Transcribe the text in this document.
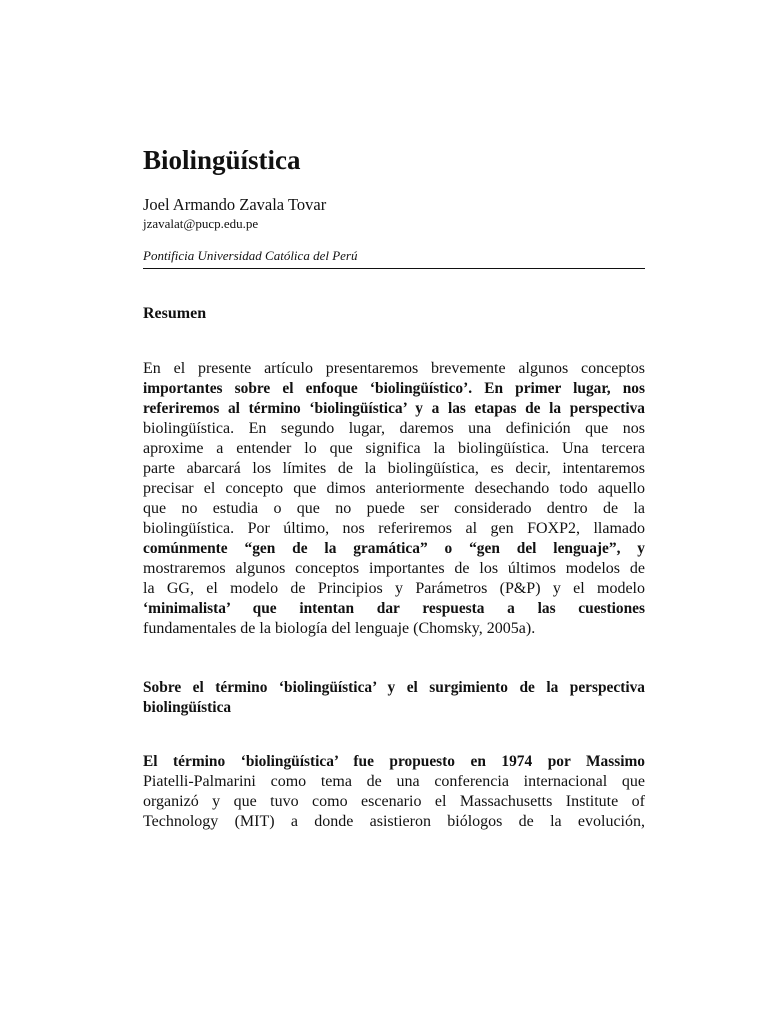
Biolingüística
Joel Armando Zavala Tovar
jzavalat@pucp.edu.pe
Pontificia Universidad Católica del Perú
Resumen

En el presente artículo presentaremos brevemente algunos conceptos
importantes sobre el enfoque ‘biolingüístico’. En primer lugar, nos
referiremos al término ‘biolingüística’ y a las etapas de la perspectiva
biolingüística. En segundo lugar, daremos una definición que nos
aproxime a entender lo que significa la biolingüística. Una tercera
parte abarcará los límites de la biolingüística, es decir, intentaremos
precisar el concepto que dimos anteriormente desechando todo aquello
que no estudia o que no puede ser considerado dentro de la
biolingüística. Por último, nos referiremos al gen FOXP2, llamado
comúnmente “gen de la gramática” o “gen del lenguaje”, y
mostraremos algunos conceptos importantes de los últimos modelos de
la GG, el modelo de Principios y Parámetros (P&P) y el modelo
‘minimalista’ que intentan dar respuesta a las cuestiones
fundamentales de la biología del lenguaje (Chomsky, 2005a).

Sobre el término ‘biolingüística’ y el surgimiento de la perspectiva
biolingüística

El término ‘biolingüística’ fue propuesto en 1974 por Massimo
Piatelli-Palmarini como tema de una conferencia internacional que
organizó y que tuvo como escenario el Massachusetts Institute of
Technology (MIT) a donde asistieron biólogos de la evolución,
